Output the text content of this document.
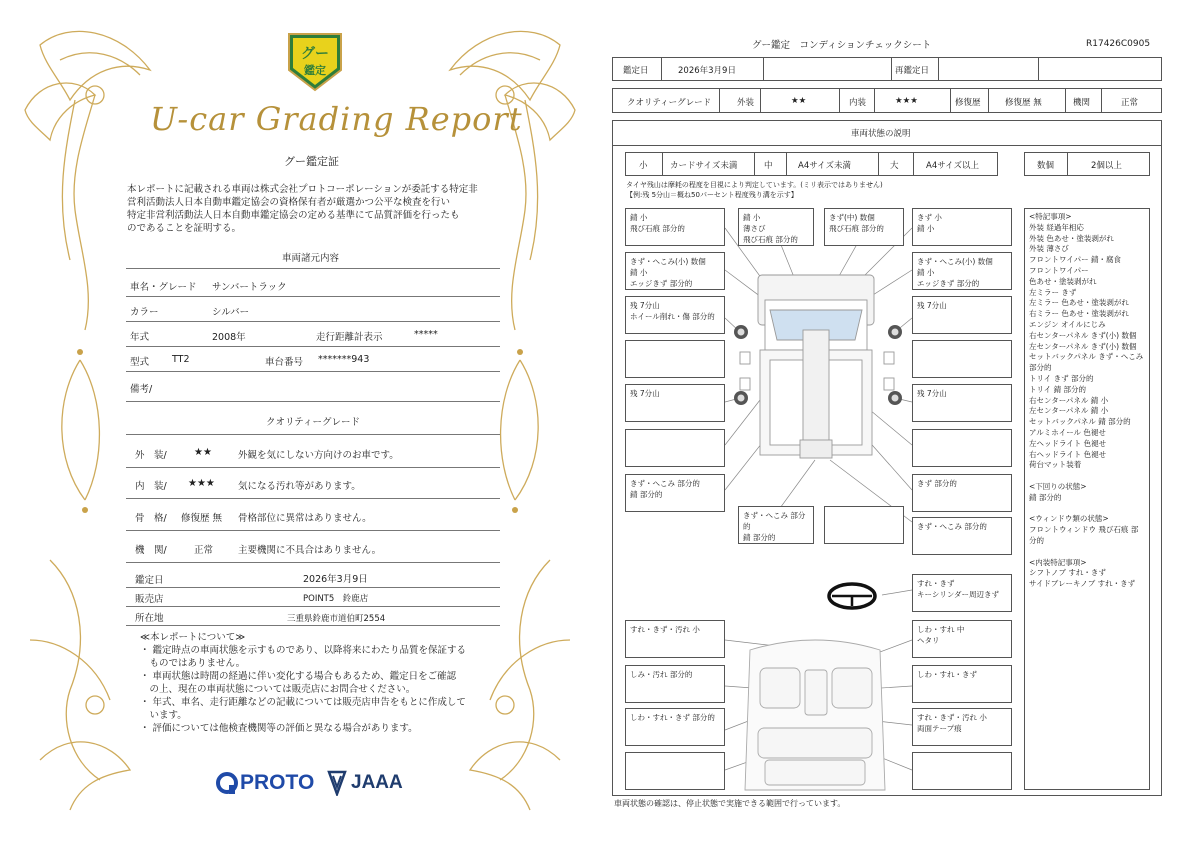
グー
鑑定
U-car Grading Report
グー鑑定証
本レポートに記載される車両は株式会社プロトコーポレーションが委託する特定非
営利活動法人日本自動車鑑定協会の資格保有者が厳選かつ公平な検査を行い
特定非営利活動法人日本自動車鑑定協会の定める基準にて品質評価を行ったも
のであることを証明する。
車両諸元内容
車名・グレード サンバートラック
カラー	シルバー
年式	2008年	走行距離計表示	*****
型式 TT2	車台番号 *******943
備考/
クオリティーグレード
外　装/	★★	外観を気にしない方向けのお車です。
内　装/ ★★★ 気になる汚れ等があります。
骨　格/ 修復歴 無 骨格部位に異常はありません。
機　関/	正常	主要機関に不具合はありません。
鑑定日	2026年3月9日
販売店	POINT5　鈴鹿店
所在地	三重県鈴鹿市道伯町2554
≪本レポートについて≫
・ 鑑定時点の車両状態を示すものであり、以降将来にわたり品質を保証する
　ものではありません。
・ 車両状態は時間の経過に伴い変化する場合もあるため、鑑定日をご確認
　の上、現在の車両状態については販売店にお問合せください。
・ 年式、車名、走行距離などの記載については販売店申告をもとに作成して
　います。
・ 評価については他検査機関等の評価と異なる場合があります。
PROTO JAAA
グー鑑定　コンディションチェックシート	R17426C0905
鑑定日	2026年3月9日	再鑑定日
クオリティーグレード	外装	★★	内装	★★★	修復歴	修復歴 無	機関	正常
車両状態の説明
小	カードサイズ未満	中	A4サイズ未満	大	A4サイズ以上	数個	2個以上
タイヤ残山は摩耗の程度を目視により判定しています。(ミリ表示ではありません)
【例:残 5分山＝概ね50パーセント程度残り溝を示す】
錆 小
飛び石痕 部分的
錆 小
薄さび
飛び石痕 部分的
きず(中) 数個
飛び石痕 部分的
きず 小
錆 小
きず・へこみ(小) 数個
錆 小
エッジきず 部分的
きず・へこみ(小) 数個
錆 小
エッジきず 部分的
残 7分山
ホイール削れ・傷 部分的
残 7分山
残 7分山	残 7分山
きず・へこみ 部分的
錆 部分的
きず 部分的
きず・へこみ 部分的
錆 部分的
きず・へこみ 部分的
すれ・きず
キーシリンダー周辺きず
すれ・きず・汚れ 小	しわ・すれ 中
ヘタリ
しみ・汚れ 部分的	しわ・すれ・きず
しわ・すれ・きず 部分的	すれ・きず・汚れ 小
両面テープ痕
<特記事項>
外装 経過年相応
外装 色あせ・塗装剥がれ
外装 薄さび
フロントワイパー 錆・腐食
フロントワイパー
色あせ・塗装剥がれ
左ミラー きず
左ミラー 色あせ・塗装剥がれ
右ミラー 色あせ・塗装剥がれ
エンジン オイルにじみ
右センターパネル きず(小) 数個
左センターパネル きず(小) 数個
セットバックパネル きず・へこみ
部分的
トリイ きず 部分的
トリイ 錆 部分的
右センターパネル 錆 小
左センターパネル 錆 小
セットバックパネル 錆 部分的
アルミホイール 色褪せ
左ヘッドライト 色褪せ
右ヘッドライト 色褪せ
荷台マット装着

<下回りの状態>
錆 部分的

<ウィンドウ類の状態>
フロントウィンドウ 飛び石痕 部分的

<内装特記事項>
シフトノブ すれ・きず
サイドブレーキノブ すれ・きず
車両状態の確認は、停止状態で実施できる範囲で行っています。
